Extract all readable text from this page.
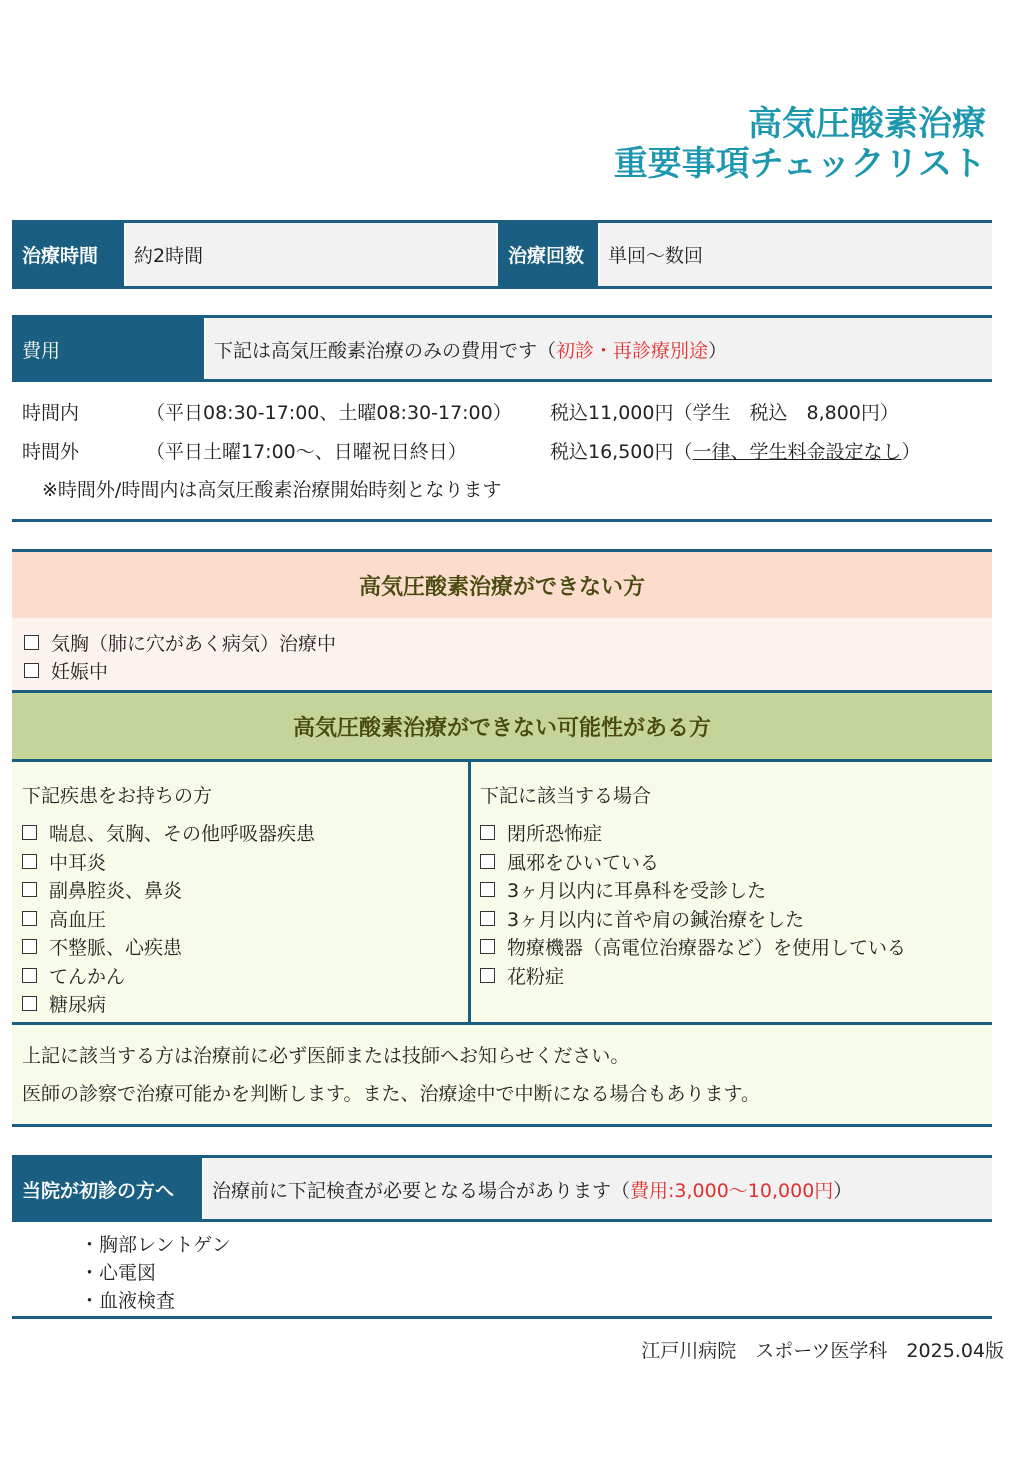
高気圧酸素治療
重要事項チェックリスト
治療時間	約2時間	治療回数	単回～数回
費用	下記は高気圧酸素治療のみの費用です（ 初診・再診療別途 ）
時間内	（平日08:30-17:00、土曜08:30-17:00） 税込11,000円（学生　税込　8,800円）
時間外	（平日土曜17:00～、日曜祝日終日）	税込16,500円（一律、学生料金設定なし）
※時間外/時間内は高気圧酸素治療開始時刻となります
高気圧酸素治療ができない方
気胸（肺に穴があく病気）治療中
妊娠中
高気圧酸素治療ができない可能性がある方
下記疾患をお持ちの方
喘息、気胸、その他呼吸器疾患
中耳炎
副鼻腔炎、鼻炎
高血圧
不整脈、心疾患
てんかん
糖尿病
下記に該当する場合
閉所恐怖症
風邪をひいている
3ヶ月以内に耳鼻科を受診した
3ヶ月以内に首や肩の鍼治療をした
物療機器（高電位治療器など）を使用している
花粉症
上記に該当する方は治療前に必ず医師または技師へお知らせください。
医師の診察で治療可能かを判断します。また、治療途中で中断になる場合もあります。
当院が初診の方へ	治療前に下記検査が必要となる場合があります（ 費用:3,000～10,000円 ）
・胸部レントゲン
・心電図
・血液検査
江戸川病院　スポーツ医学科　2025.04版
